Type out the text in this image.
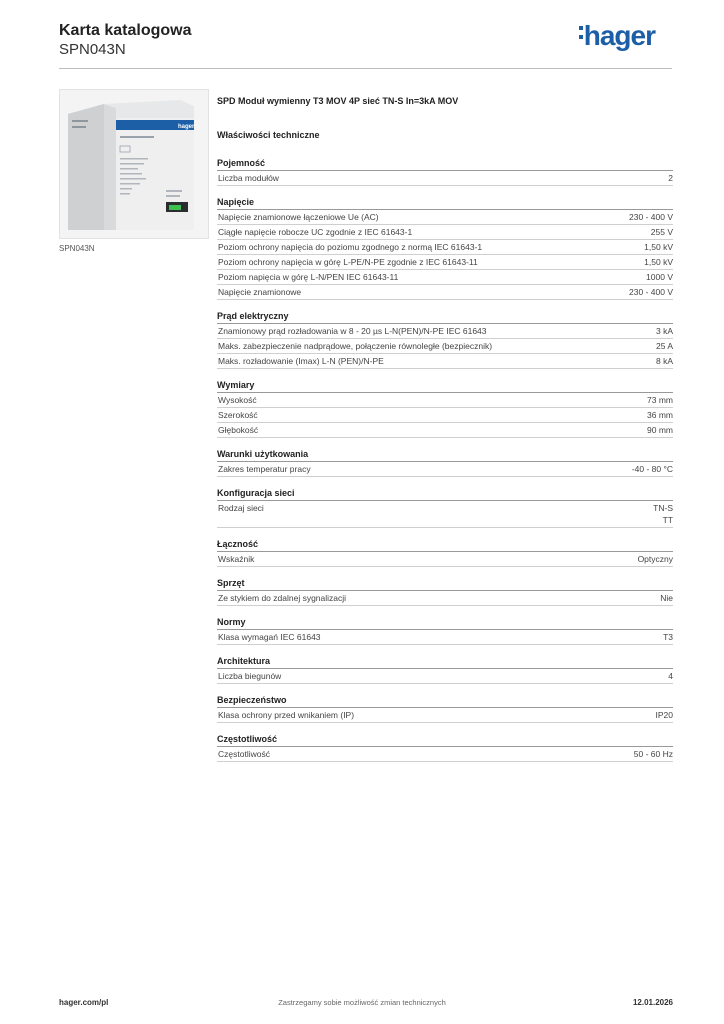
Karta katalogowa
SPN043N	hager
hager
SPN043N
SPD Moduł wymienny T3 MOV 4P sieć TN-S In=3kA MOV
Właściwości techniczne
Pojemność
Liczba modułów	2
Napięcie
Napięcie znamionowe łączeniowe Ue (AC)	230 - 400 V
Ciągłe napięcie robocze UC zgodnie z IEC 61643-1	255 V
Poziom ochrony napięcia do poziomu zgodnego z normą IEC 61643-1	1,50 kV
Poziom ochrony napięcia w górę L-PE/N-PE zgodnie z IEC 61643-11	1,50 kV
Poziom napięcia w górę L-N/PEN IEC 61643-11	1000 V
Napięcie znamionowe	230 - 400 V
Prąd elektryczny
Znamionowy prąd rozładowania w 8 - 20 µs L-N(PEN)/N-PE IEC 61643	3 kA
Maks. zabezpieczenie nadprądowe, połączenie równoległe (bezpiecznik)	25 A
Maks. rozładowanie (Imax) L-N (PEN)/N-PE	8 kA
Wymiary
Wysokość	73 mm
Szerokość	36 mm
Głębokość	90 mm
Warunki użytkowania
Zakres temperatur pracy	-40 - 80 °C
Konfiguracja sieci
Rodzaj sieci	TN-S
TT
Łączność
Wskaźnik	Optyczny
Sprzęt
Ze stykiem do zdalnej sygnalizacji	Nie
Normy
Klasa wymagań IEC 61643	T3
Architektura
Liczba biegunów	4
Bezpieczeństwo
Klasa ochrony przed wnikaniem (IP)	IP20
Częstotliwość
Częstotliwość	50 - 60 Hz
hager.com/pl	Zastrzegamy sobie możliwość zmian technicznych	12.01.2026
